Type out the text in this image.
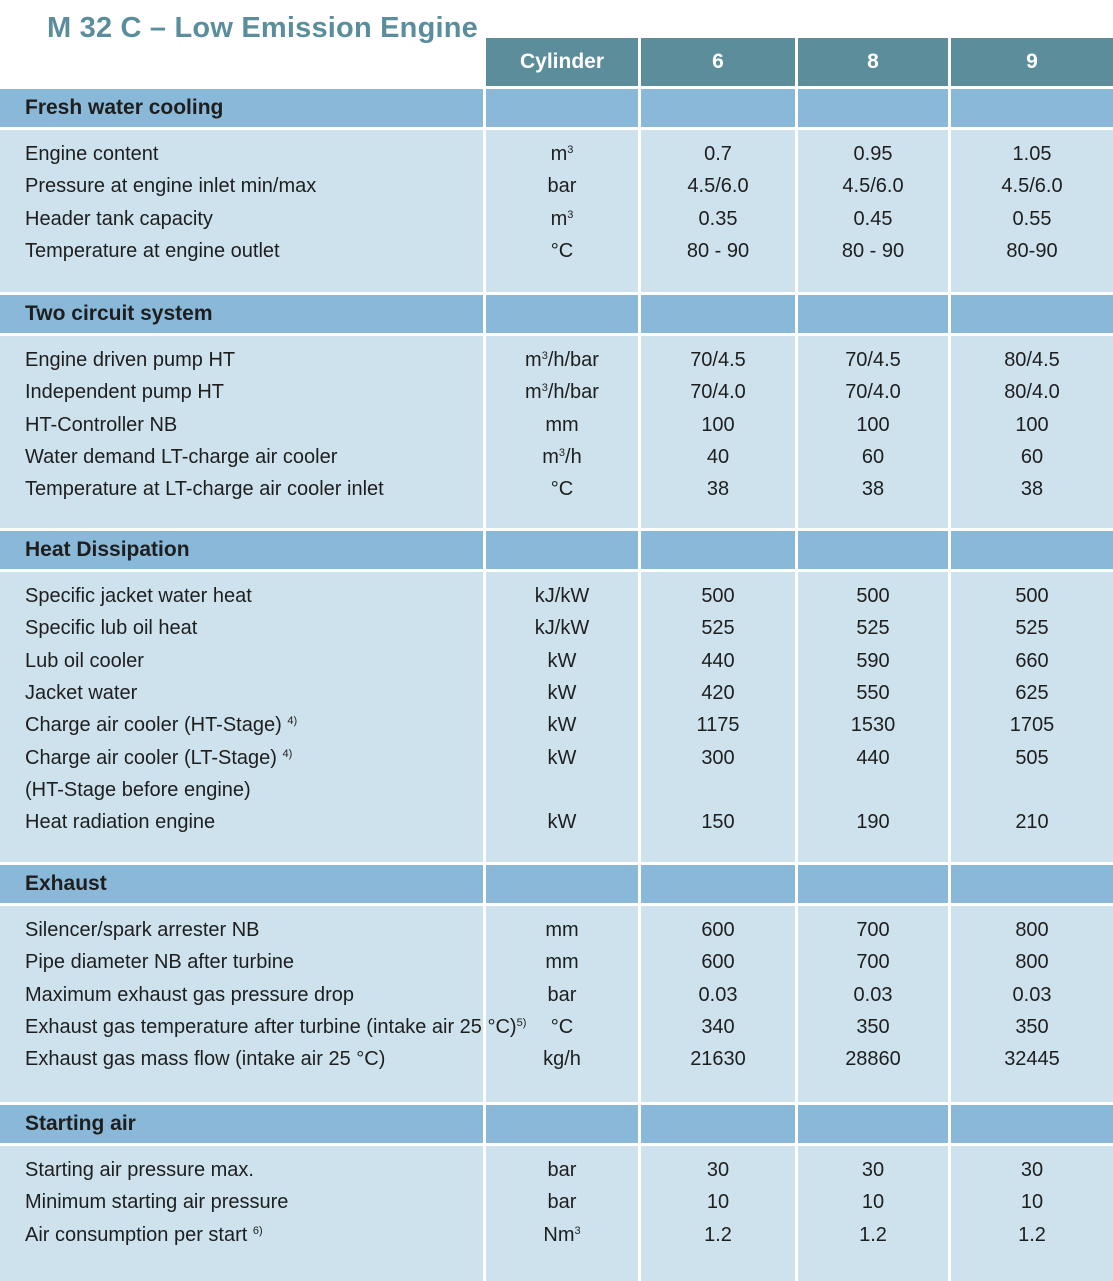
Cylinder	6	8	9
Fresh water cooling
Engine content	$m^3$	0.7	0.95	1.05
Pressure at engine inlet min/max	bar	4.5/6.0	4.5/6.0	4.5/6.0
Header tank capacity	$m^3$	0.35	0.45	0.55
Temperature at engine outlet	°C	80 - 90	80 - 90	80-90
Two circuit system
Engine driven pump HT	$m^3/h$/bar	70/4.5	70/4.5	80/4.5
Independent pump HT	$m^3/h$/bar	70/4.0	70/4.0	80/4.0
HT-Controller NB	mm	100	100	100
Water demand LT-charge air cooler	$m^3/h$	40	60	60
Temperature at LT-charge air cooler inlet	°C	38	38	38
Heat Dissipation
Specific jacket water heat	kJ/kW	500	500	500
Specific lub oil heat	kJ/kW	525	525	525
Lub oil cooler	kW	440	590	660
Jacket water	kW	420	550	625
Charge air cooler (HT-Stage) $^{4)}$	kW	1175	1530	1705
Charge air cooler (LT-Stage) $^{4)}$	kW	300	440	505
(HT-Stage before engine)
Heat radiation engine	kW	150	190	210
Exhaust
Silencer/spark arrester NB	mm	600	700	800
Pipe diameter NB after turbine	mm	600	700	800
Maximum exhaust gas pressure drop	bar	0.03	0.03	0.03
Exhaust gas temperature after turbine (intake air 25 °C)$^{5)}$	°C	340	350	350
Exhaust gas mass flow (intake air 25 °C)	kg/h	21630	28860	32445
Starting air
Starting air pressure max.	bar	30	30	30
Minimum starting air pressure	bar	10	10	10
Air consumption per start $^{6)}$	Nm$^3$	1.2	1.2	1.2
M 32 C – Low Emission Engine
